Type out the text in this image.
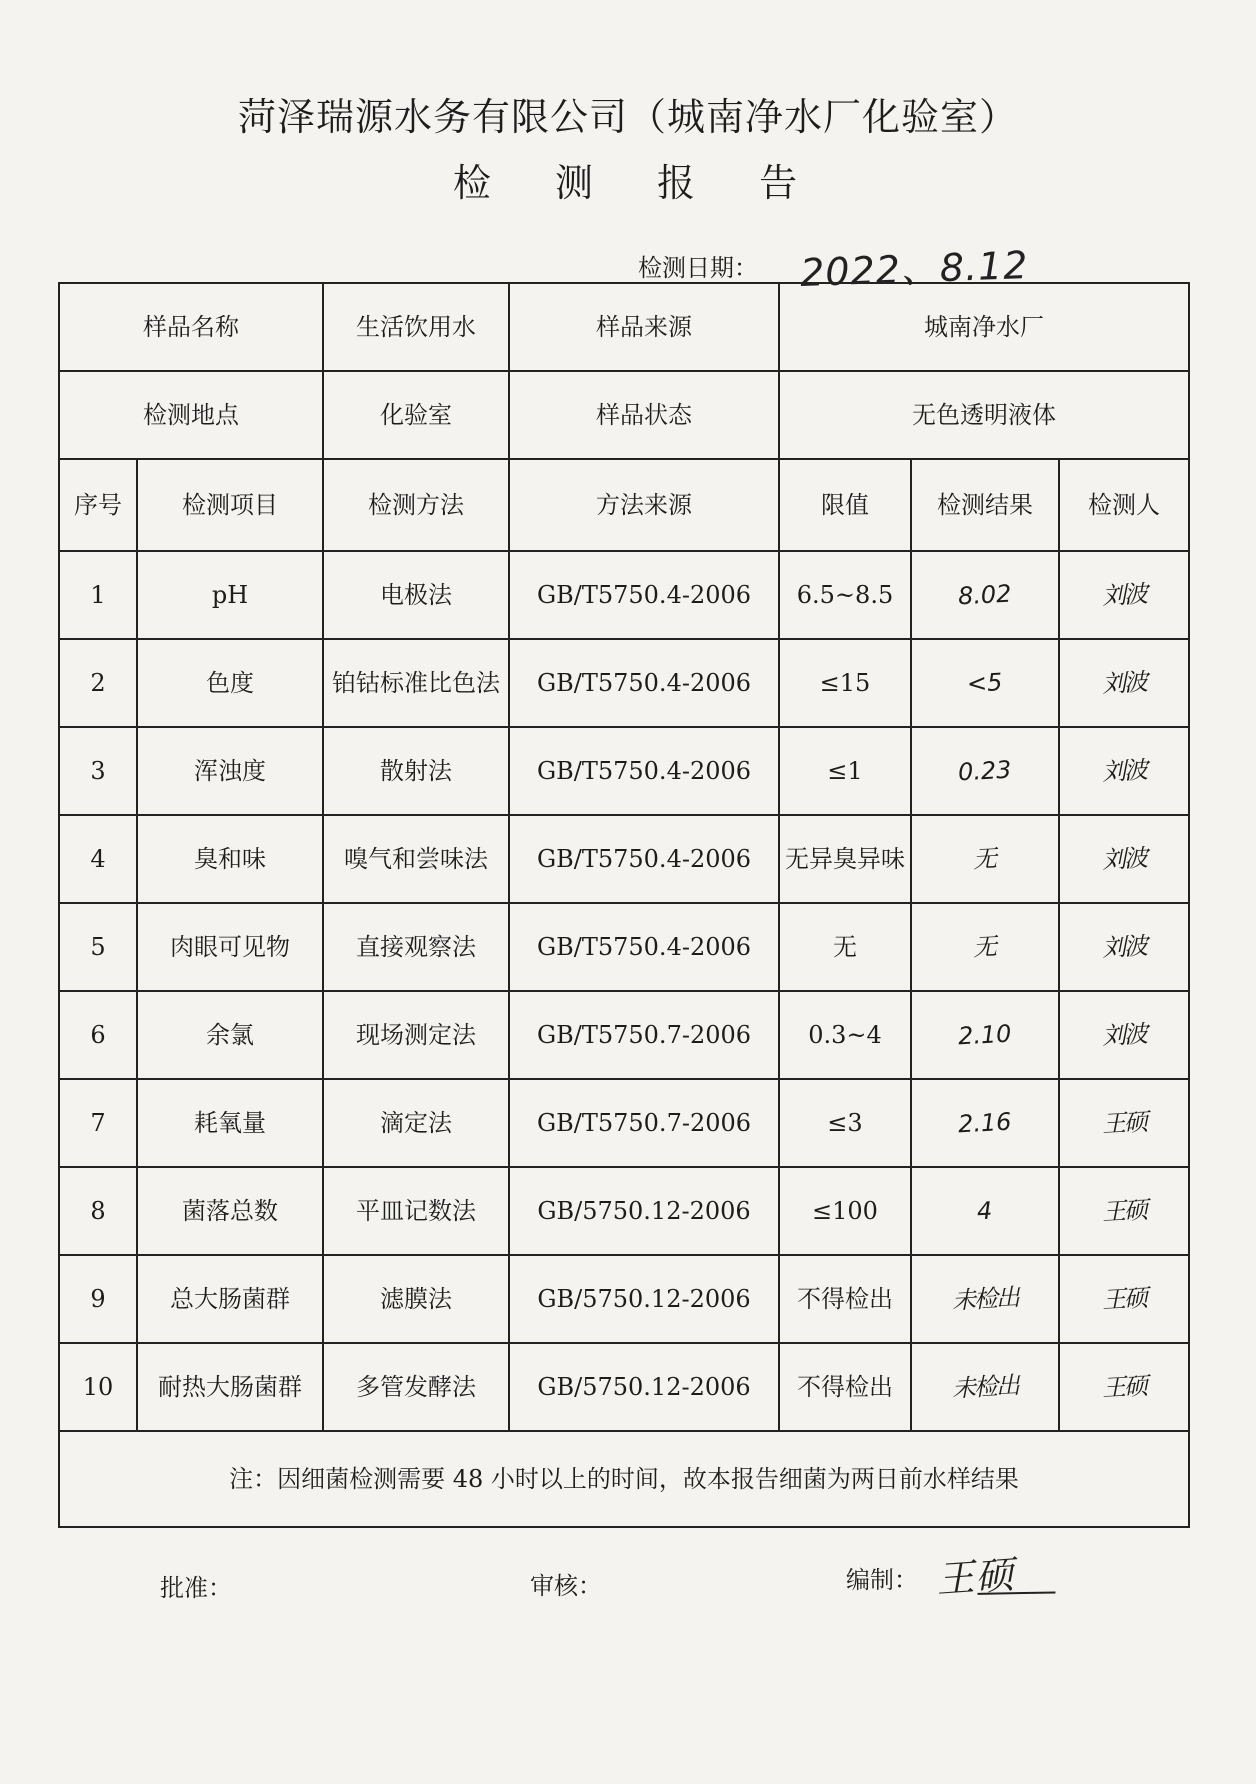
菏泽瑞源水务有限公司（城南净水厂化验室）
检 测 报 告
检测日期： 2022、8.12
样品名称		生活饮用水	样品来源	城南净水厂		
检测地点		化验室	样品状态	无色透明液体		
序号	检测项目	检测方法	方法来源	限值	检测结果	检测人
1	pH	电极法	GB/T5750.4-2006	6.5~8.5	8.02	刘波
2	色度	铂钴标准比色法	GB/T5750.4-2006	≤15	<5	刘波
3	浑浊度	散射法	GB/T5750.4-2006	≤1	0.23	刘波
4	臭和味	嗅气和尝味法	GB/T5750.4-2006	无异臭异味	无	刘波
5	肉眼可见物	直接观察法	GB/T5750.4-2006	无	无	刘波
6	余氯	现场测定法	GB/T5750.7-2006	0.3~4	2.10	刘波
7	耗氧量	滴定法	GB/T5750.7-2006	≤3	2.16	王硕
8	菌落总数	平皿记数法	GB/5750.12-2006	≤100	4	王硕
9	总大肠菌群	滤膜法	GB/5750.12-2006	不得检出	未检出	王硕
10	耐热大肠菌群	多管发酵法	GB/5750.12-2006	不得检出	未检出	王硕
注：因细菌检测需要 48 小时以上的时间，故本报告细菌为两日前水样结果						
批准：	审核：	编制： 王硕
